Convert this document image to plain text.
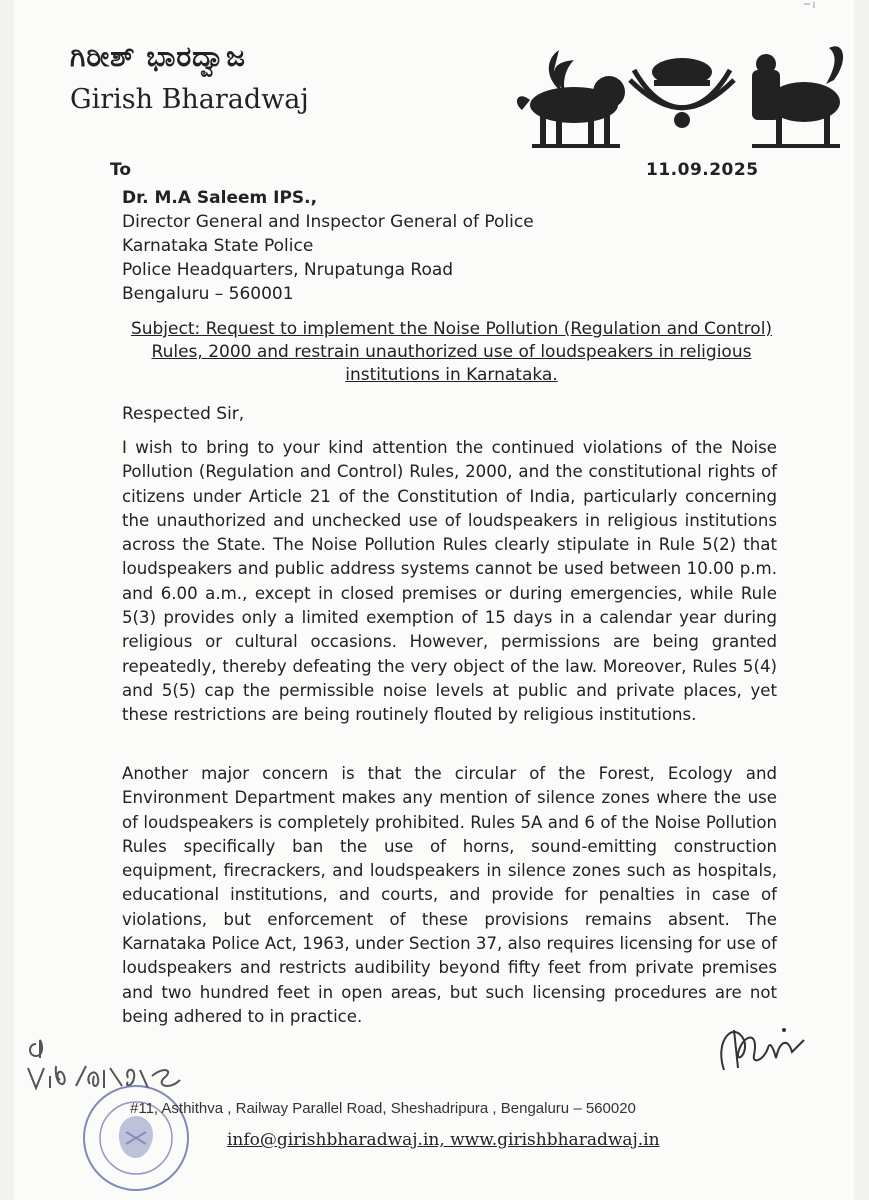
ಗಿರೀಶ್ ಭಾರದ್ವಾಜ
Girish Bharadwaj
To	11.09.2025
Dr. M.A Saleem IPS.,
Director General and Inspector General of Police
Karnataka State Police
Police Headquarters, Nrupatunga Road
Bengaluru – 560001
Subject: Request to implement the Noise Pollution (Regulation and Control) Rules, 2000 and restrain unauthorized use of loudspeakers in religious institutions in Karnataka.
Respected Sir,
I wish to bring to your kind attention the continued violations of the Noise Pollution (Regulation and Control) Rules, 2000, and the constitutional rights of citizens under Article 21 of the Constitution of India, particularly concerning the unauthorized and unchecked use of loudspeakers in religious institutions across the State. The Noise Pollution Rules clearly stipulate in Rule 5(2) that loudspeakers and public address systems cannot be used between 10.00 p.m. and 6.00 a.m., except in closed premises or during emergencies, while Rule 5(3) provides only a limited exemption of 15 days in a calendar year during religious or cultural occasions. However, permissions are being granted repeatedly, thereby defeating the very object of the law. Moreover, Rules 5(4) and 5(5) cap the permissible noise levels at public and private places, yet these restrictions are being routinely flouted by religious institutions.
Another major concern is that the circular of the Forest, Ecology and Environment Department makes any mention of silence zones where the use of loudspeakers is completely prohibited. Rules 5A and 6 of the Noise Pollution Rules specifically ban the use of horns, sound-emitting construction equipment, firecrackers, and loudspeakers in silence zones such as hospitals, educational institutions, and courts, and provide for penalties in case of violations, but enforcement of these provisions remains absent. The Karnataka Police Act, 1963, under Section 37, also requires licensing for use of loudspeakers and restricts audibility beyond fifty feet from private premises and two hundred feet in open areas, but such licensing procedures are not being adhered to in practice.
#11, Asthithva , Railway Parallel Road, Sheshadripura , Bengaluru – 560020
info@girishbharadwaj.in, www.girishbharadwaj.in
